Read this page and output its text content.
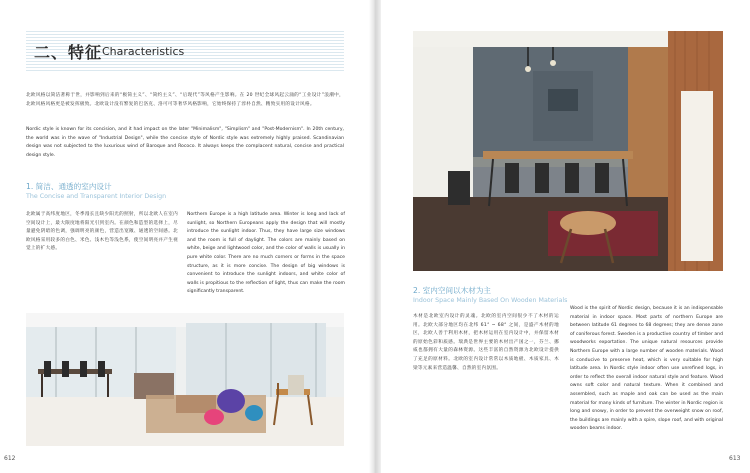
二、特征 Characteristics

北欧风格以简洁著称于世，并影响到后来的“极简主义”、“简约主义”、“后现代”等风格产生影响。在 20 世纪全球风起云涌的“工业设计”浪潮中，北欧风格风格更是被发挥极致。北欧设计没有繁复的巴洛克、洛可可等奢华风格影响，它始终保持了淳朴自然、精致实用的设计风格。

Nordic style is known for its concision, and it had impact on the later "Minimalism", "Simplism" and "Post-Modernism". In 20th century, the world was in the wave of "Industrial Design", while the concise style of Nordic style was extremely highly praised. Scandinavian design was not subjected to the luxurious wind of Baroque and Rococo. It always keeps the complacent natural, concise and practical design style.

1. 简洁、通透的室内设计
The Concise and Transparent Interior Design

北欧属于高纬度地区，冬季漫长且缺少阳光的照射，所以北欧人在室内空间设计上，最大限度地将阳光引到室内。在颜色和造型的选择上，尽量避免阴暗的色调，强调明亮的颜色，营造出宽敞、通透的空间感。北欧风格采用较多的白色、米色、浅木色等浅色系，使空间明亮并产生视觉上的扩大感。

Northern Europe is a high latitude area. Winter is long and lack of sunlight, so Northern Europeans apply the design that will mostly introduce the sunlight indoor. Thus, they have large size windows and the room is full of daylight. The colors are mainly based on white, beige and lightwood color, and the color of walls is usually in pure white color. There are no much corners or forms in the space structure, as it is more concise. The design of big windows is convenient to introduce the sunlight indoors, and white color of walls is propitious to the reflection of light, thus can make the room significantly transparent.

612
2. 室内空间以木材为主
Indoor Space Mainly Based On Wooden Materials

木材是北欧室内设计的灵魂。北欧的室内空间很少不了木材的运用。北欧大部分地区均在北纬 61° ~ 68° 之间，是盛产木材的地区，北欧人善于利用木材，把木材运用在室内设计中，并保留木材的原始色彩和质感。瑞典是世界主要的木材出产国之一，芬兰、挪威也都拥有大量的森林资源。这些丰富的自然资源为北欧设计提供了充足的原材料。北欧的室内设计常常以木质地板、木质家具、木梁等元素来营造温馨、自然的室内氛围。

Wood is the spirit of Nordic design, because it is an indispensable material in indoor space. Most parts of northern Europe are between latitude 61 degrees to 68 degrees; they are dense zone of coniferous forest. Sweden is a productive country of timber and woodworks exportation. The unique natural resources provide Northern Europe with a large number of wooden materials. Wood is conducive to preserve heat, which is very suitable for high latitude area. In Nordic style indoor often use unrefined logs, in order to reflect the overall indoor natural style and feature. Wood owns soft color and natural texture. When it combined and assembled, such as maple and oak can be used as the main material for many kinds of furniture. The winter in Nordic region is long and snowy, in order to prevent the overweight snow on roof, the buildings are mainly with a spire, slope roof, and with original wooden beams indoor.

613
